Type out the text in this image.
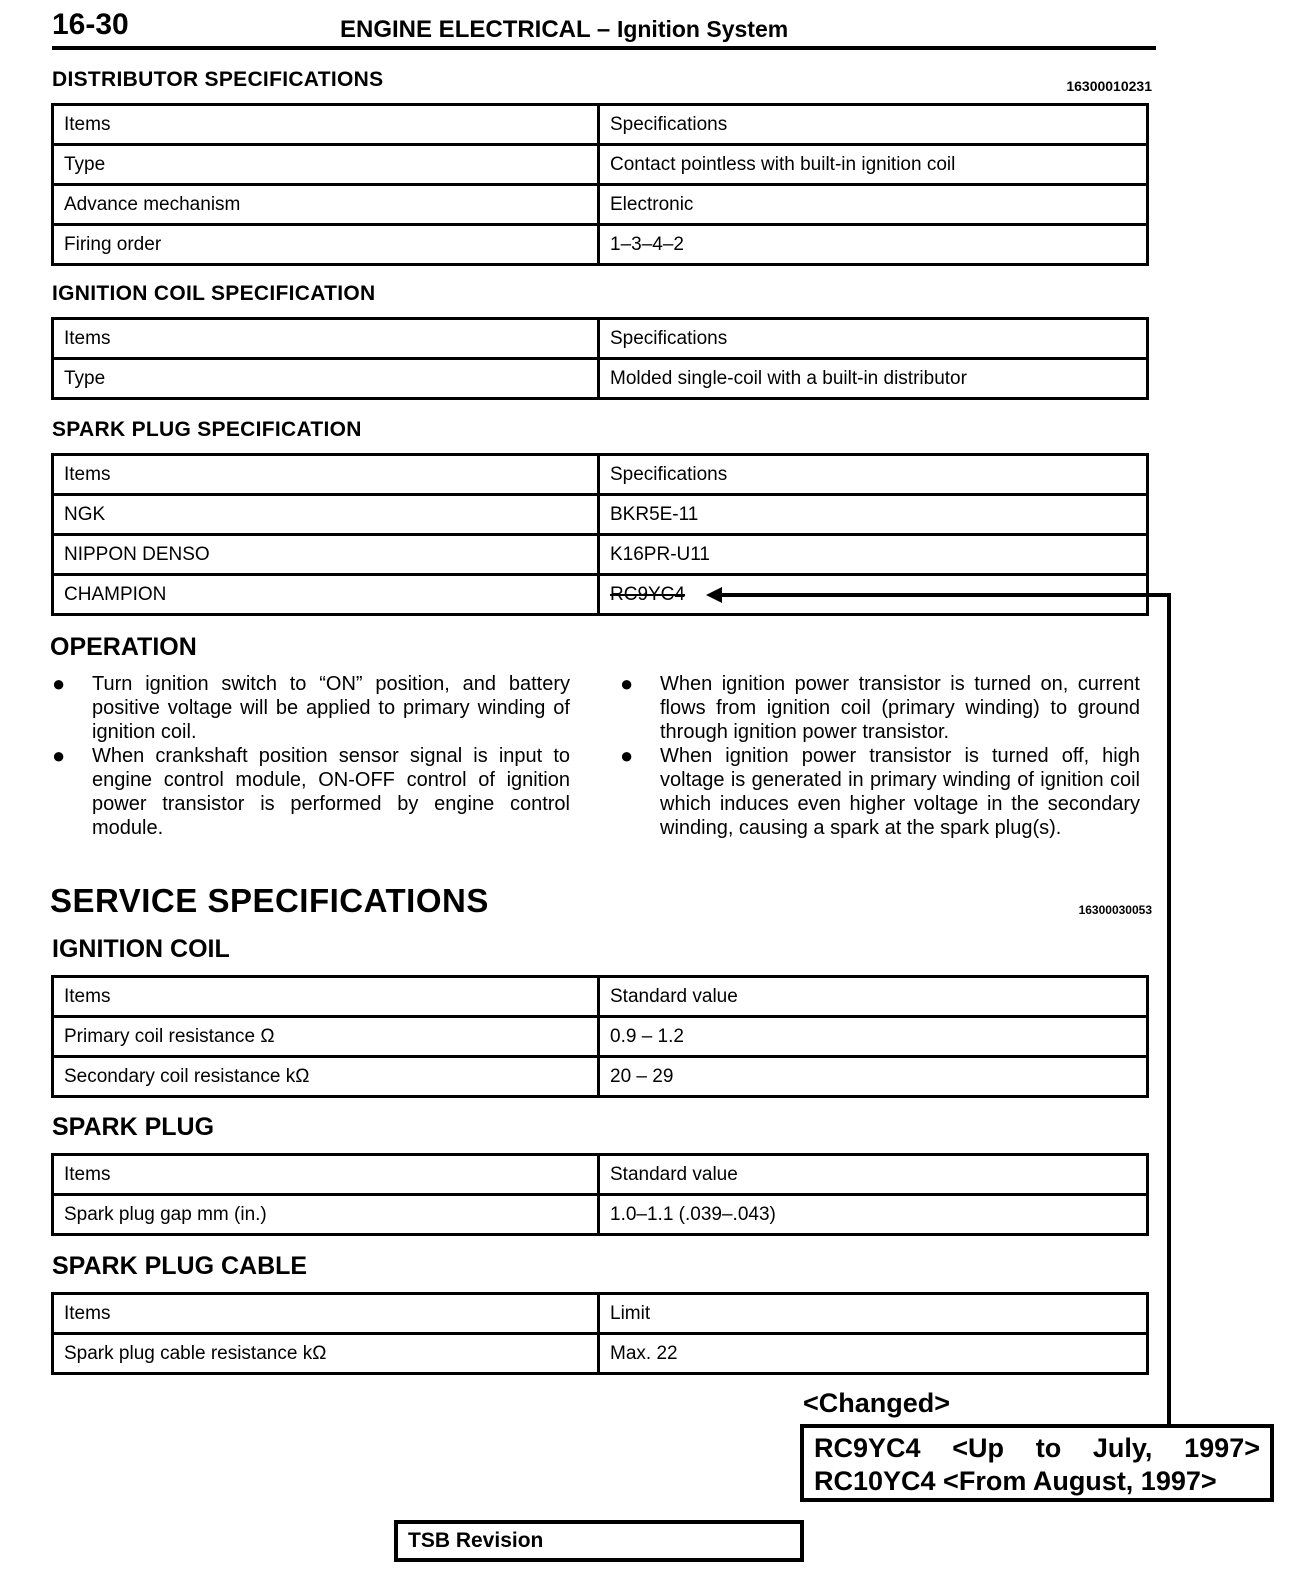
16-30	ENGINE ELECTRICAL – Ignition System
DISTRIBUTOR SPECIFICATIONS	16300010231
Items	Specifications
Type	Contact pointless with built-in ignition coil
Advance mechanism	Electronic
Firing order	1–3–4–2
IGNITION COIL SPECIFICATION
Items	Specifications
Type	Molded single-coil with a built-in distributor
SPARK PLUG SPECIFICATION
Items	Specifications
NGK	BKR5E-11
NIPPON DENSO	K16PR-U11
CHAMPION	RC9YC4
OPERATION
● Turn ignition switch to “ON” position, and battery positive voltage will be applied to primary winding of ignition coil.
● When crankshaft position sensor signal is input to engine control module, ON-OFF control of ignition power transistor is performed by engine control module.
● When ignition power transistor is turned on, current flows from ignition coil (primary winding) to ground through ignition power transistor.
● When ignition power transistor is turned off, high voltage is generated in primary winding of ignition coil which induces even higher voltage in the secondary winding, causing a spark at the spark plug(s).
SERVICE SPECIFICATIONS	16300030053
IGNITION COIL
Items	Standard value
Primary coil resistance Ω	0.9 – 1.2
Secondary coil resistance kΩ	20 – 29
SPARK PLUG
Items	Standard value
Spark plug gap mm (in.)	1.0–1.1 (.039–.043)
SPARK PLUG CABLE
Items	Limit
Spark plug cable resistance kΩ	Max. 22
<Changed>
RC9YC4 <Up to July, 1997>
RC10YC4 <From August, 1997>
TSB Revision
